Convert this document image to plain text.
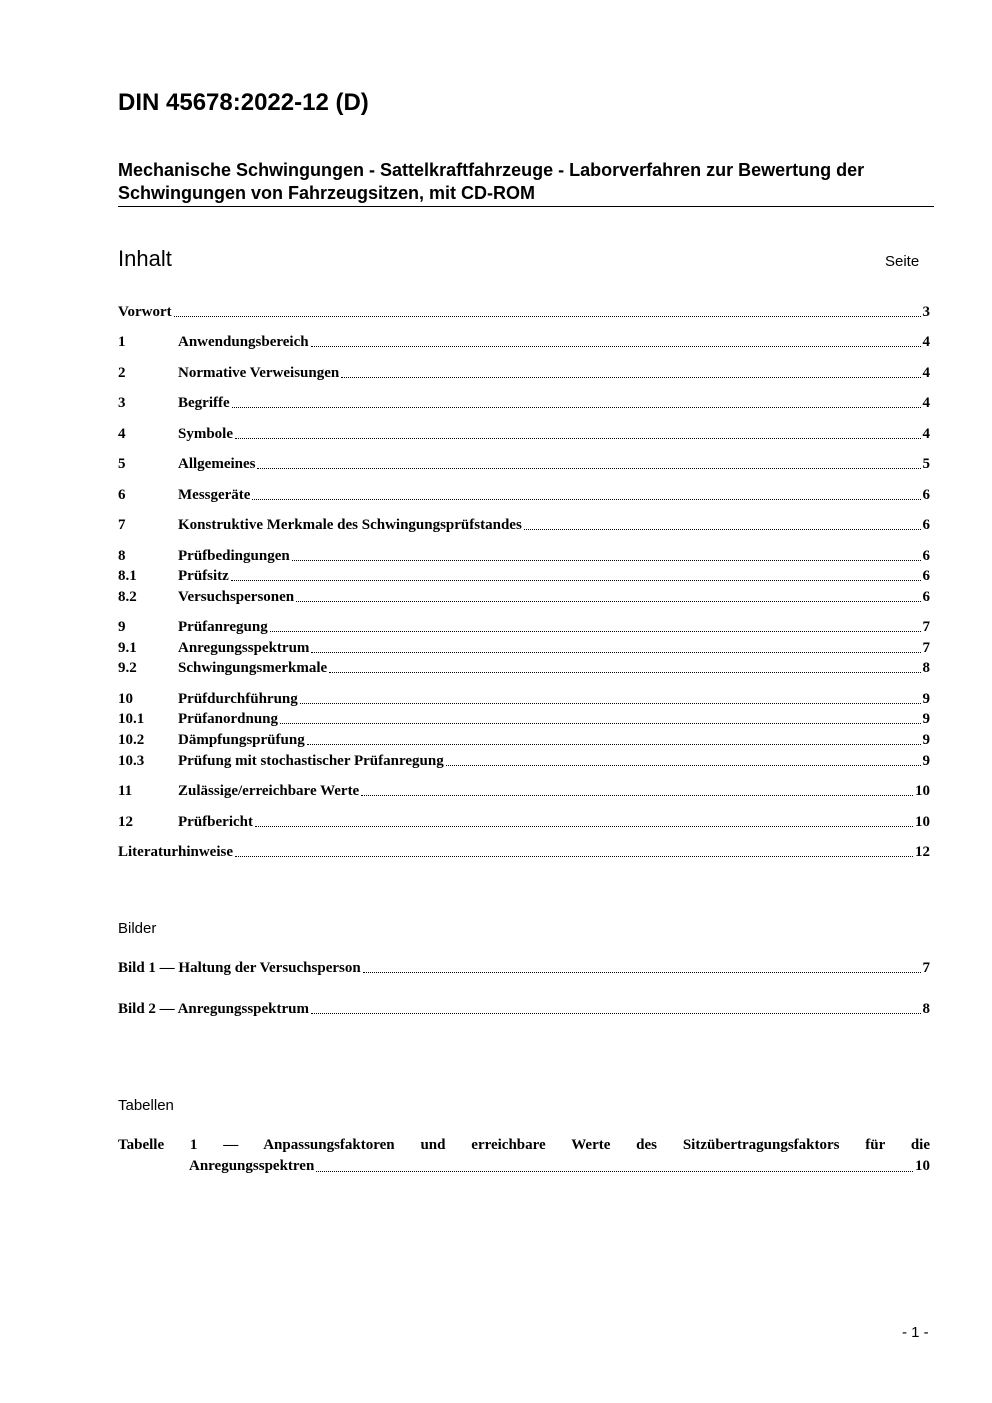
DIN 45678:2022-12 (D)
Mechanische Schwingungen - Sattelkraftfahrzeuge - Laborverfahren zur Bewertung der Schwingungen von Fahrzeugsitzen, mit CD-ROM
Inhalt	Seite
Vorwort	3
1	Anwendungsbereich	4
2	Normative Verweisungen	4
3	Begriffe	4
4	Symbole	4
5	Allgemeines	5
6	Messgeräte	6
7	Konstruktive Merkmale des Schwingungsprüfstandes	6
8	Prüfbedingungen	6
8.1	Prüfsitz	6
8.2	Versuchspersonen	6
9	Prüfanregung	7
9.1	Anregungsspektrum	7
9.2	Schwingungsmerkmale	8
10	Prüfdurchführung	9
10.1	Prüfanordnung	9
10.2	Dämpfungsprüfung	9
10.3	Prüfung mit stochastischer Prüfanregung	9
11	Zulässige/erreichbare Werte	10
12	Prüfbericht	10
Literaturhinweise	12
Bilder
Bild 1 — Haltung der Versuchsperson	7
Bild 2 — Anregungsspektrum	8
Tabellen
Tabelle 1 — Anpassungsfaktoren und erreichbare Werte des Sitzübertragungsfaktors für die
Anregungsspektren	10
- 1 -
